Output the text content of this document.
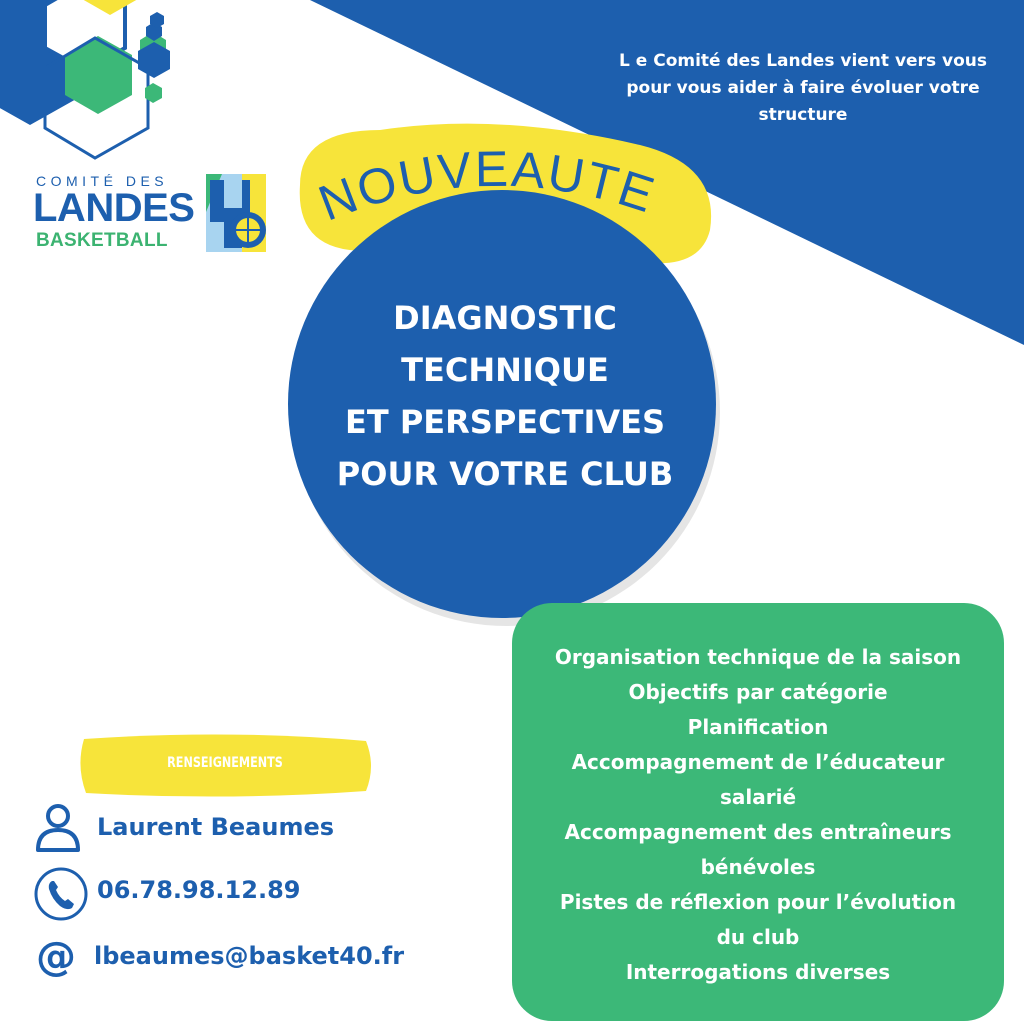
L e Comité des Landes vient vers vous
pour vous aider à faire évoluer votre
structure
COMITÉ DES
LANDES
BASKETBALL
NOUVEAUTE
DIAGNOSTIC
TECHNIQUE
ET PERSPECTIVES
POUR VOTRE CLUB
Organisation technique de la saison
Objectifs par catégorie
Planification
Accompagnement de l’éducateur
salarié
Accompagnement des entraîneurs
bénévoles
Pistes de réflexion pour l’évolution
du club
Interrogations diverses
RENSEIGNEMENTS
Laurent Beaumes
06.78.98.12.89
@ lbeaumes@basket40.fr
